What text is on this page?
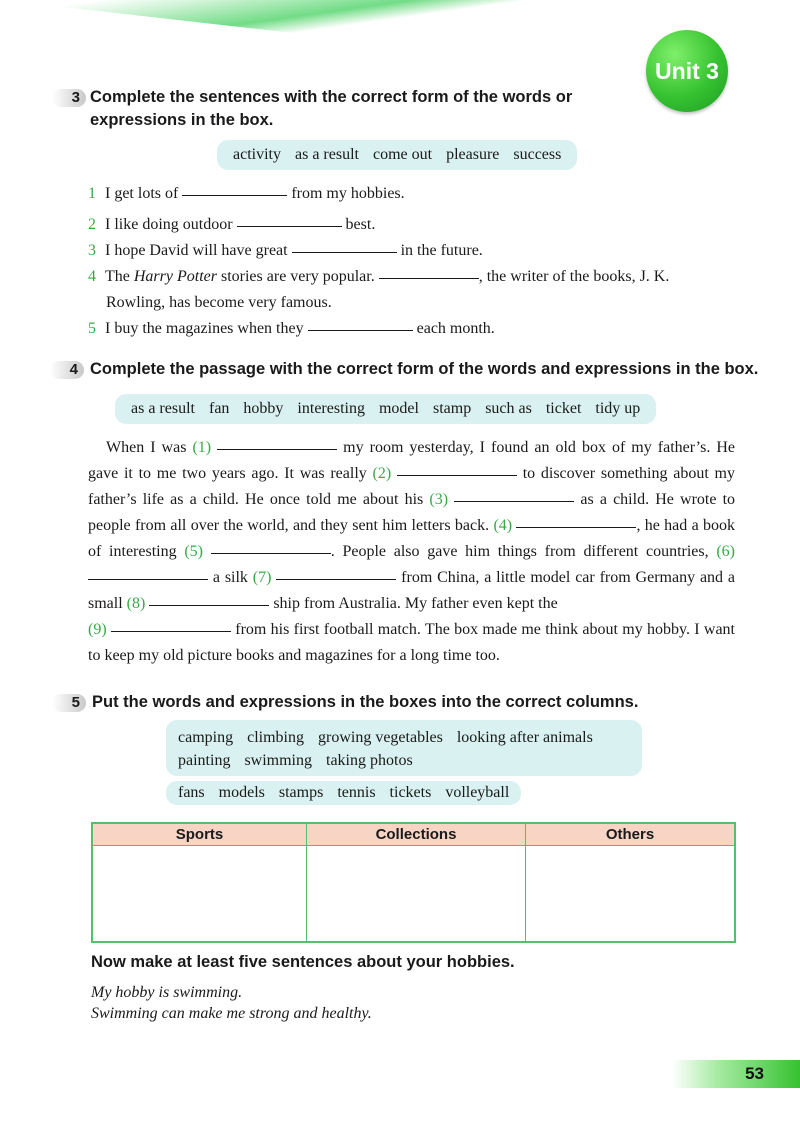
Unit 3
3 Complete the sentences with the correct form of the words or
expressions in the box.
activity as a result come out pleasure success
1 I get lots of	from my hobbies.
2 I like doing outdoor	best.
3 I hope David will have great	in the future.
4 The Harry Potter stories are very popular.	, the writer of the books, J. K.
Rowling, has become very famous.
5 I buy the magazines when they	each month.
4 Complete the passage with the correct form of the words and expressions in the box.
as a result fan hobby interesting model stamp such as ticket tidy up

When I was (1)	my room yesterday, I found an old box of my father’s. He gave it to me two years ago. It was really (2)	to discover something about my father’s life as a child. He once told me about his (3)	as a child. He wrote to people from all over the world, and they sent him letters back. (4)	, he had a book of interesting (5)	. People also gave him things from different countries, (6)  a silk (7)	from China, a little model car from Germany and a small (8)	ship from Australia. My father even kept the
(9)	from his first football match. The box made me think about my hobby. I want to keep my old picture books and magazines for a long time too.

5 Put the words and expressions in the boxes into the correct columns.
camping climbing growing vegetables looking after animals
painting swimming taking photos
fans models stamps tennis tickets volleyball
Sports	Collections	Others

Now make at least five sentences about your hobbies.
My hobby is swimming.
Swimming can make me strong and healthy.
53
